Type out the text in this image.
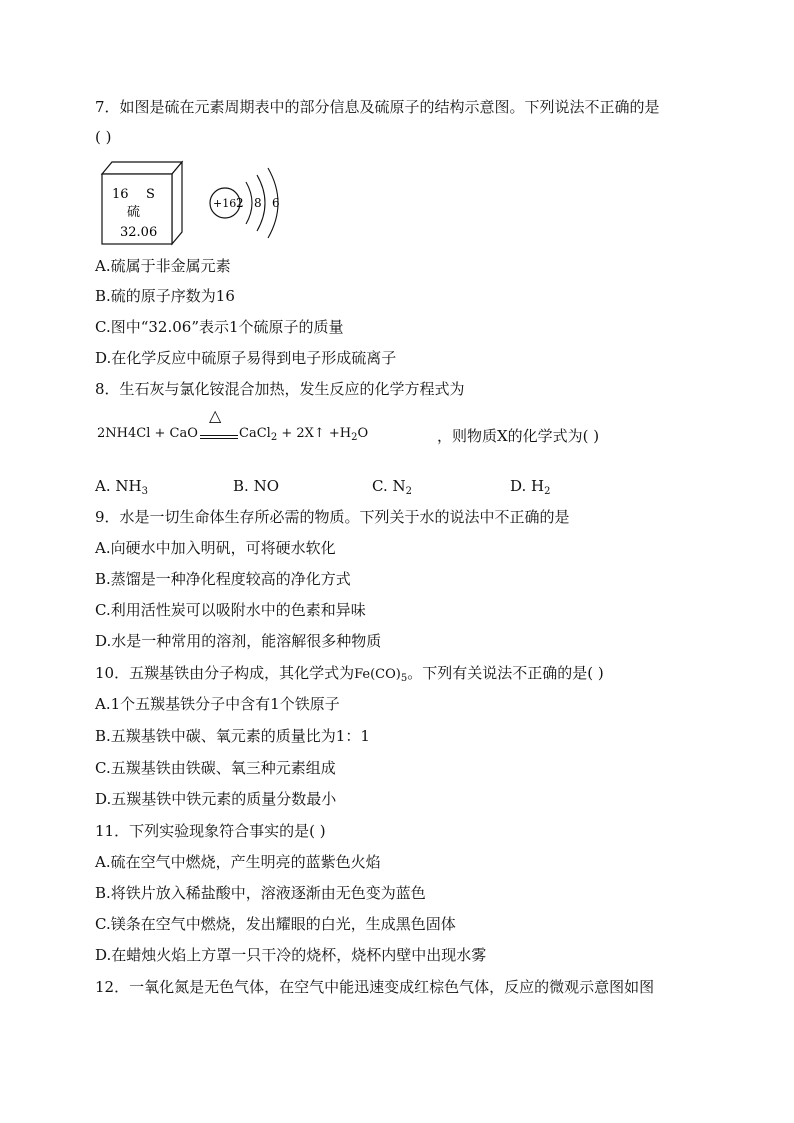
7．如图是硫在元素周期表中的部分信息及硫原子的结构示意图。下列说法不正确的是
( )
16 S
硫
32.06
+16 2 8 6
A.硫属于非金属元素
B.硫的原子序数为16
C.图中“32.06”表示1个硫原子的质量
D.在化学反应中硫原子易得到电子形成硫离子
8．生石灰与氯化铵混合加热，发生反应的化学方程式为
△
2NH4Cl + CaO	CaCl$_2$ + 2X↑ $+H_2O$	，则物质X的化学式为( )
A. $NH_3$	B. NO	C. $N_2$	D. $H_2$
9．水是一切生命体生存所必需的物质。下列关于水的说法中不正确的是
A.向硬水中加入明矾，可将硬水软化
B.蒸馏是一种净化程度较高的净化方式
C.利用活性炭可以吸附水中的色素和异味
D.水是一种常用的溶剂，能溶解很多种物质
10．五羰基铁由分子构成，其化学式为$Fe(CO)_5$。下列有关说法不正确的是( )
A.1个五羰基铁分子中含有1个铁原子
B.五羰基铁中碳、氧元素的质量比为1：1
C.五羰基铁由铁碳、氧三种元素组成
D.五羰基铁中铁元素的质量分数最小
11．下列实验现象符合事实的是( )
A.硫在空气中燃烧，产生明亮的蓝紫色火焰
B.将铁片放入稀盐酸中，溶液逐渐由无色变为蓝色
C.镁条在空气中燃烧，发出耀眼的白光，生成黑色固体
D.在蜡烛火焰上方罩一只干冷的烧杯，烧杯内壁中出现水雾
12．一氧化氮是无色气体，在空气中能迅速变成红棕色气体，反应的微观示意图如图
